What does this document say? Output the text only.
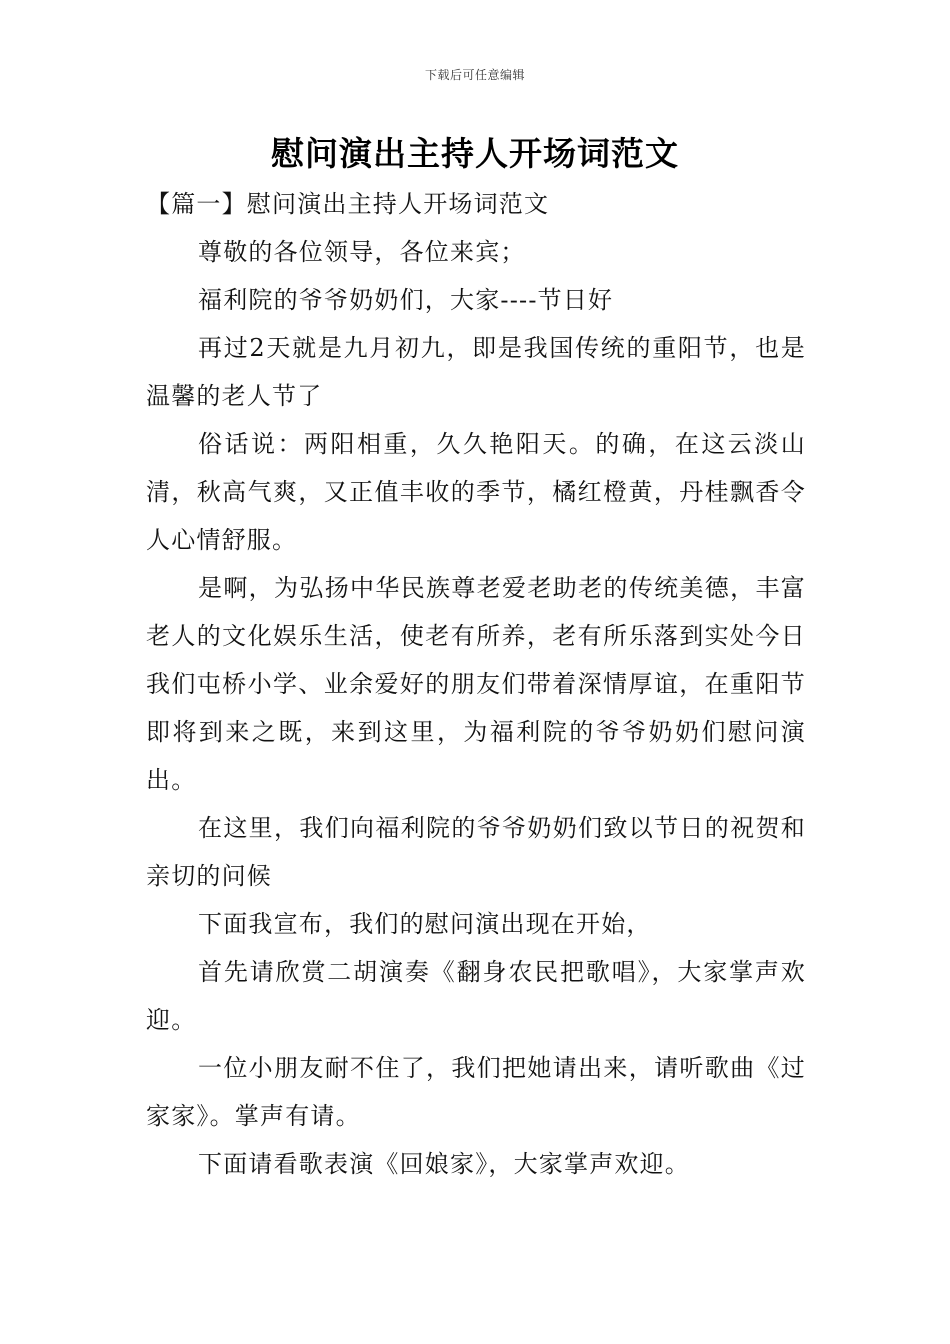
下载后可任意编辑
慰问演出主持人开场词范文

【篇一】慰问演出主持人开场词范文

尊敬的各位领导，各位来宾；

福利院的爷爷奶奶们，大家----节日好

再过2天就是九月初九，即是我国传统的重阳节，也是温馨的老人节了

俗话说：两阳相重，久久艳阳天。的确，在这云淡山清，秋高气爽，又正值丰收的季节，橘红橙黄，丹桂飘香令人心情舒服。

是啊，为弘扬中华民族尊老爱老助老的传统美德，丰富老人的文化娱乐生活，使老有所养，老有所乐落到实处今日我们屯桥小学、业余爱好的朋友们带着深情厚谊，在重阳节即将到来之既，来到这里，为福利院的爷爷奶奶们慰问演出。

在这里，我们向福利院的爷爷奶奶们致以节日的祝贺和亲切的问候

下面我宣布，我们的慰问演出现在开始，

首先请欣赏二胡演奏《翻身农民把歌唱》，大家掌声欢迎。

一位小朋友耐不住了，我们把她请出来，请听歌曲《过家家》。掌声有请。

下面请看歌表演《回娘家》，大家掌声欢迎。
